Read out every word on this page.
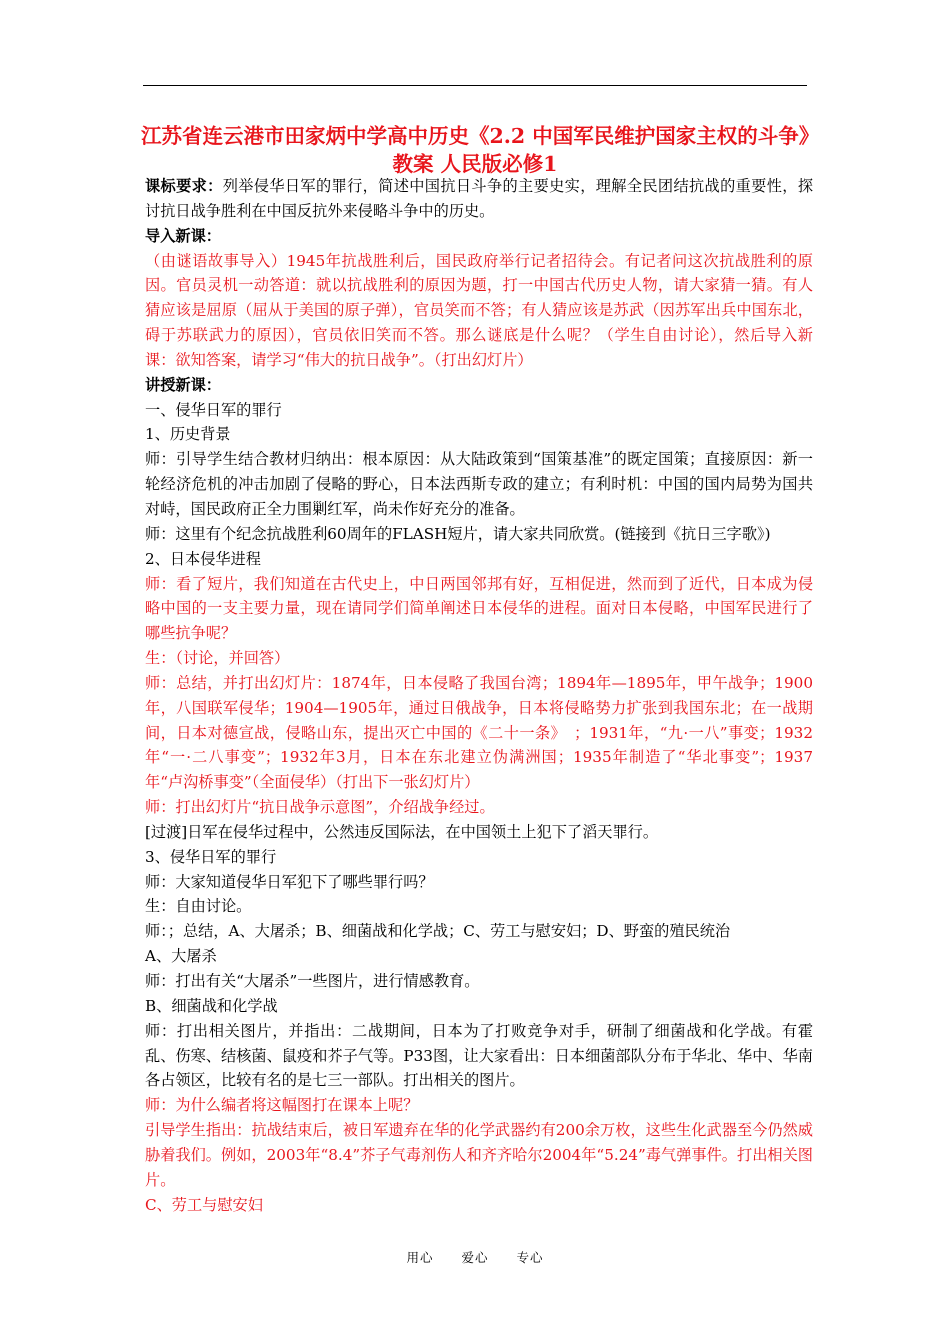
江苏省连云港市田家炳中学高中历史《2.2 中国军民维护国家主权的斗争》教案 人民版必修1

课标要求：列举侵华日军的罪行，简述中国抗日斗争的主要史实，理解全民团结抗战的重要性，探讨抗日战争胜利在中国反抗外来侵略斗争中的历史。

导入新课：

（由谜语故事导入）1945年抗战胜利后，国民政府举行记者招待会。有记者问这次抗战胜利的原因。官员灵机一动答道：就以抗战胜利的原因为题，打一中国古代历史人物，请大家猜一猜。有人猜应该是屈原（屈从于美国的原子弹），官员笑而不答；有人猜应该是苏武（因苏军出兵中国东北，碍于苏联武力的原因），官员依旧笑而不答。那么谜底是什么呢？（学生自由讨论），然后导入新课：欲知答案，请学习“伟大的抗日战争”。（打出幻灯片）

讲授新课：

一、侵华日军的罪行

1、历史背景

师：引导学生结合教材归纳出：根本原因：从大陆政策到“国策基准”的既定国策；直接原因：新一轮经济危机的冲击加剧了侵略的野心，日本法西斯专政的建立；有利时机：中国的国内局势为国共对峙，国民政府正全力围剿红军，尚未作好充分的准备。

师：这里有个纪念抗战胜利60周年的FLASH短片，请大家共同欣赏。(链接到《抗日三字歌》)

2、日本侵华进程

师：看了短片，我们知道在古代史上，中日两国邻邦有好，互相促进，然而到了近代，日本成为侵略中国的一支主要力量，现在请同学们简单阐述日本侵华的进程。面对日本侵略，中国军民进行了哪些抗争呢？

生：（讨论，并回答）

师：总结，并打出幻灯片：1874年，日本侵略了我国台湾；1894年—1895年，甲午战争；1900年，八国联军侵华；1904—1905年，通过日俄战争，日本将侵略势力扩张到我国东北；在一战期间，日本对德宣战，侵略山东，提出灭亡中国的《二十一条》　；1931年，“九·一八”事变；1932年“一·二八事变”；1932年3月，日本在东北建立伪满洲国；1935年制造了“华北事变”；1937年“卢沟桥事变”（全面侵华）（打出下一张幻灯片）

师：打出幻灯片“抗日战争示意图”，介绍战争经过。

[过渡]日军在侵华过程中，公然违反国际法，在中国领土上犯下了滔天罪行。

3、侵华日军的罪行

师：大家知道侵华日军犯下了哪些罪行吗？

生：自由讨论。

师：；总结，A、大屠杀；B、细菌战和化学战；C、劳工与慰安妇；D、野蛮的殖民统治

A、大屠杀

师：打出有关“大屠杀”一些图片，进行情感教育。

B、细菌战和化学战

师：打出相关图片，并指出：二战期间，日本为了打败竞争对手，研制了细菌战和化学战。有霍乱、伤寒、结核菌、鼠疫和芥子气等。P33图，让大家看出：日本细菌部队分布于华北、华中、华南各占领区，比较有名的是七三一部队。打出相关的图片。

师：为什么编者将这幅图打在课本上呢？

引导学生指出：抗战结束后，被日军遗弃在华的化学武器约有200余万枚，这些生化武器至今仍然威胁着我们。例如，2003年“8.4”芥子气毒剂伤人和齐齐哈尔2004年“5.24”毒气弹事件。打出相关图片。

C、劳工与慰安妇

用心 爱心 专心
